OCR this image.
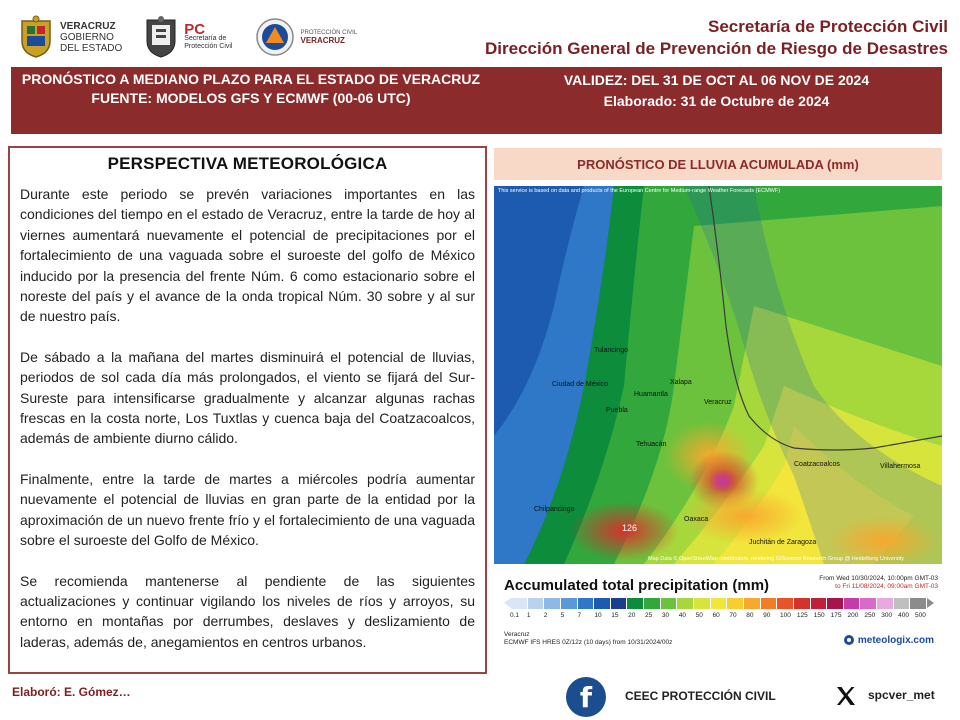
VERACRUZ
GOBIERNO
DEL ESTADO
PC
Secretaría de
Protección Civil
PROTECCIÓN CIVIL
VERACRUZ
Secretaría de Protección Civil
Dirección General de Prevención de Riesgo de Desastres
PRONÓSTICO A MEDIANO PLAZO PARA EL ESTADO DE VERACRUZ
FUENTE: MODELOS GFS Y ECMWF (00-06 UTC)
VALIDEZ: DEL 31 DE OCT AL 06 NOV DE 2024
Elaborado: 31 de Octubre de 2024
PERSPECTIVA METEOROLÓGICA

Durante este periodo se prevén variaciones importantes en las condiciones del tiempo en el estado de Veracruz, entre la tarde de hoy al viernes aumentará nuevamente el potencial de precipitaciones por el fortalecimiento de una vaguada sobre el suroeste del golfo de México inducido por la presencia del frente Núm. 6 como estacionario sobre el noreste del país y el avance de la onda tropical Núm. 30 sobre y al sur de nuestro país.

De sábado a la mañana del martes disminuirá el potencial de lluvias, periodos de sol cada día más prolongados, el viento se fijará del Sur-Sureste para intensificarse gradualmente y alcanzar algunas rachas frescas en la costa norte, Los Tuxtlas y cuenca baja del Coatzacoalcos, además de ambiente diurno cálido.

Finalmente, entre la tarde de martes a miércoles podría aumentar nuevamente el potencial de lluvias en gran parte de la entidad por la aproximación de un nuevo frente frío y el fortalecimiento de una vaguada sobre el suroeste del Golfo de México.

Se recomienda mantenerse al pendiente de las siguientes actualizaciones y continuar vigilando los niveles de ríos y arroyos, su entorno en montañas por derrumbes, deslaves y deslizamiento de laderas, además de, anegamientos en centros urbanos.

PRONÓSTICO DE LLUVIA ACUMULADA (mm)
126
Veracruz
Xalapa
Puebla
Oaxaca
Tulancingo
Huamantla
Coatzacoalcos	Villahermosa
Tehuacán
Ciudad de México
Juchitán de Zaragoza
Chilpancingo
This service is based on data and products of the European Centre for Medium-range Weather Forecasts (ECMWF)
Map Data © OpenStreetMap contributors, rendering GIScience Research Group @ Heidelberg University
Accumulated total precipitation (mm)	From Wed 10/30/2024, 10:00pm GMT-03
to Fri 11/08/2024, 09:00am GMT-03
0.1	1	2	5	7	10	15	20	25	30	40	50	60	70	80	90	100 125 150 175 200 250 300 400 500
Veracruz
ECMWF IFS HRES 0Z/12z (10 days) from 10/31/2024/00z	meteologix.com
Elaboró: E. Gómez…	f	CEEC PROTECCIÓN CIVIL	spcver_met
